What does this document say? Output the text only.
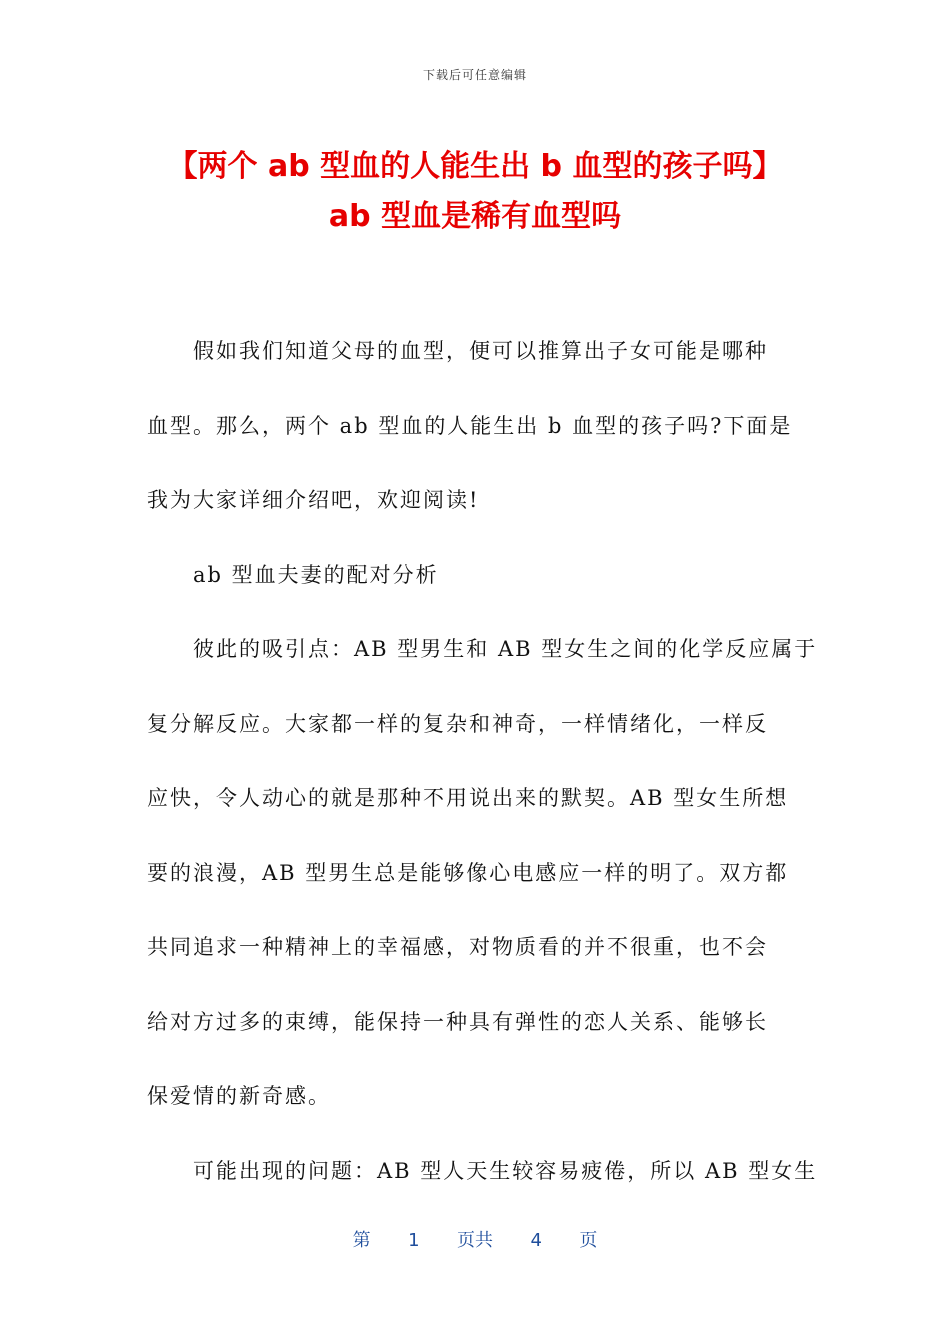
下载后可任意编辑
【两个 ab 型血的人能生出 b 血型的孩子吗】
ab 型血是稀有血型吗

假如我们知道父母的血型，便可以推算出子女可能是哪种
血型。那么，两个 ab 型血的人能生出 b 血型的孩子吗?下面是
我为大家详细介绍吧，欢迎阅读!

ab 型血夫妻的配对分析

彼此的吸引点：AB 型男生和 AB 型女生之间的化学反应属于
复分解反应。大家都一样的复杂和神奇，一样情绪化，一样反
应快，令人动心的就是那种不用说出来的默契。AB 型女生所想
要的浪漫，AB 型男生总是能够像心电感应一样的明了。双方都
共同追求一种精神上的幸福感，对物质看的并不很重，也不会
给对方过多的束缚，能保持一种具有弹性的恋人关系、能够长
保爱情的新奇感。

可能出现的问题：AB 型人天生较容易疲倦，所以 AB 型女生

第 1 页共 4 页
